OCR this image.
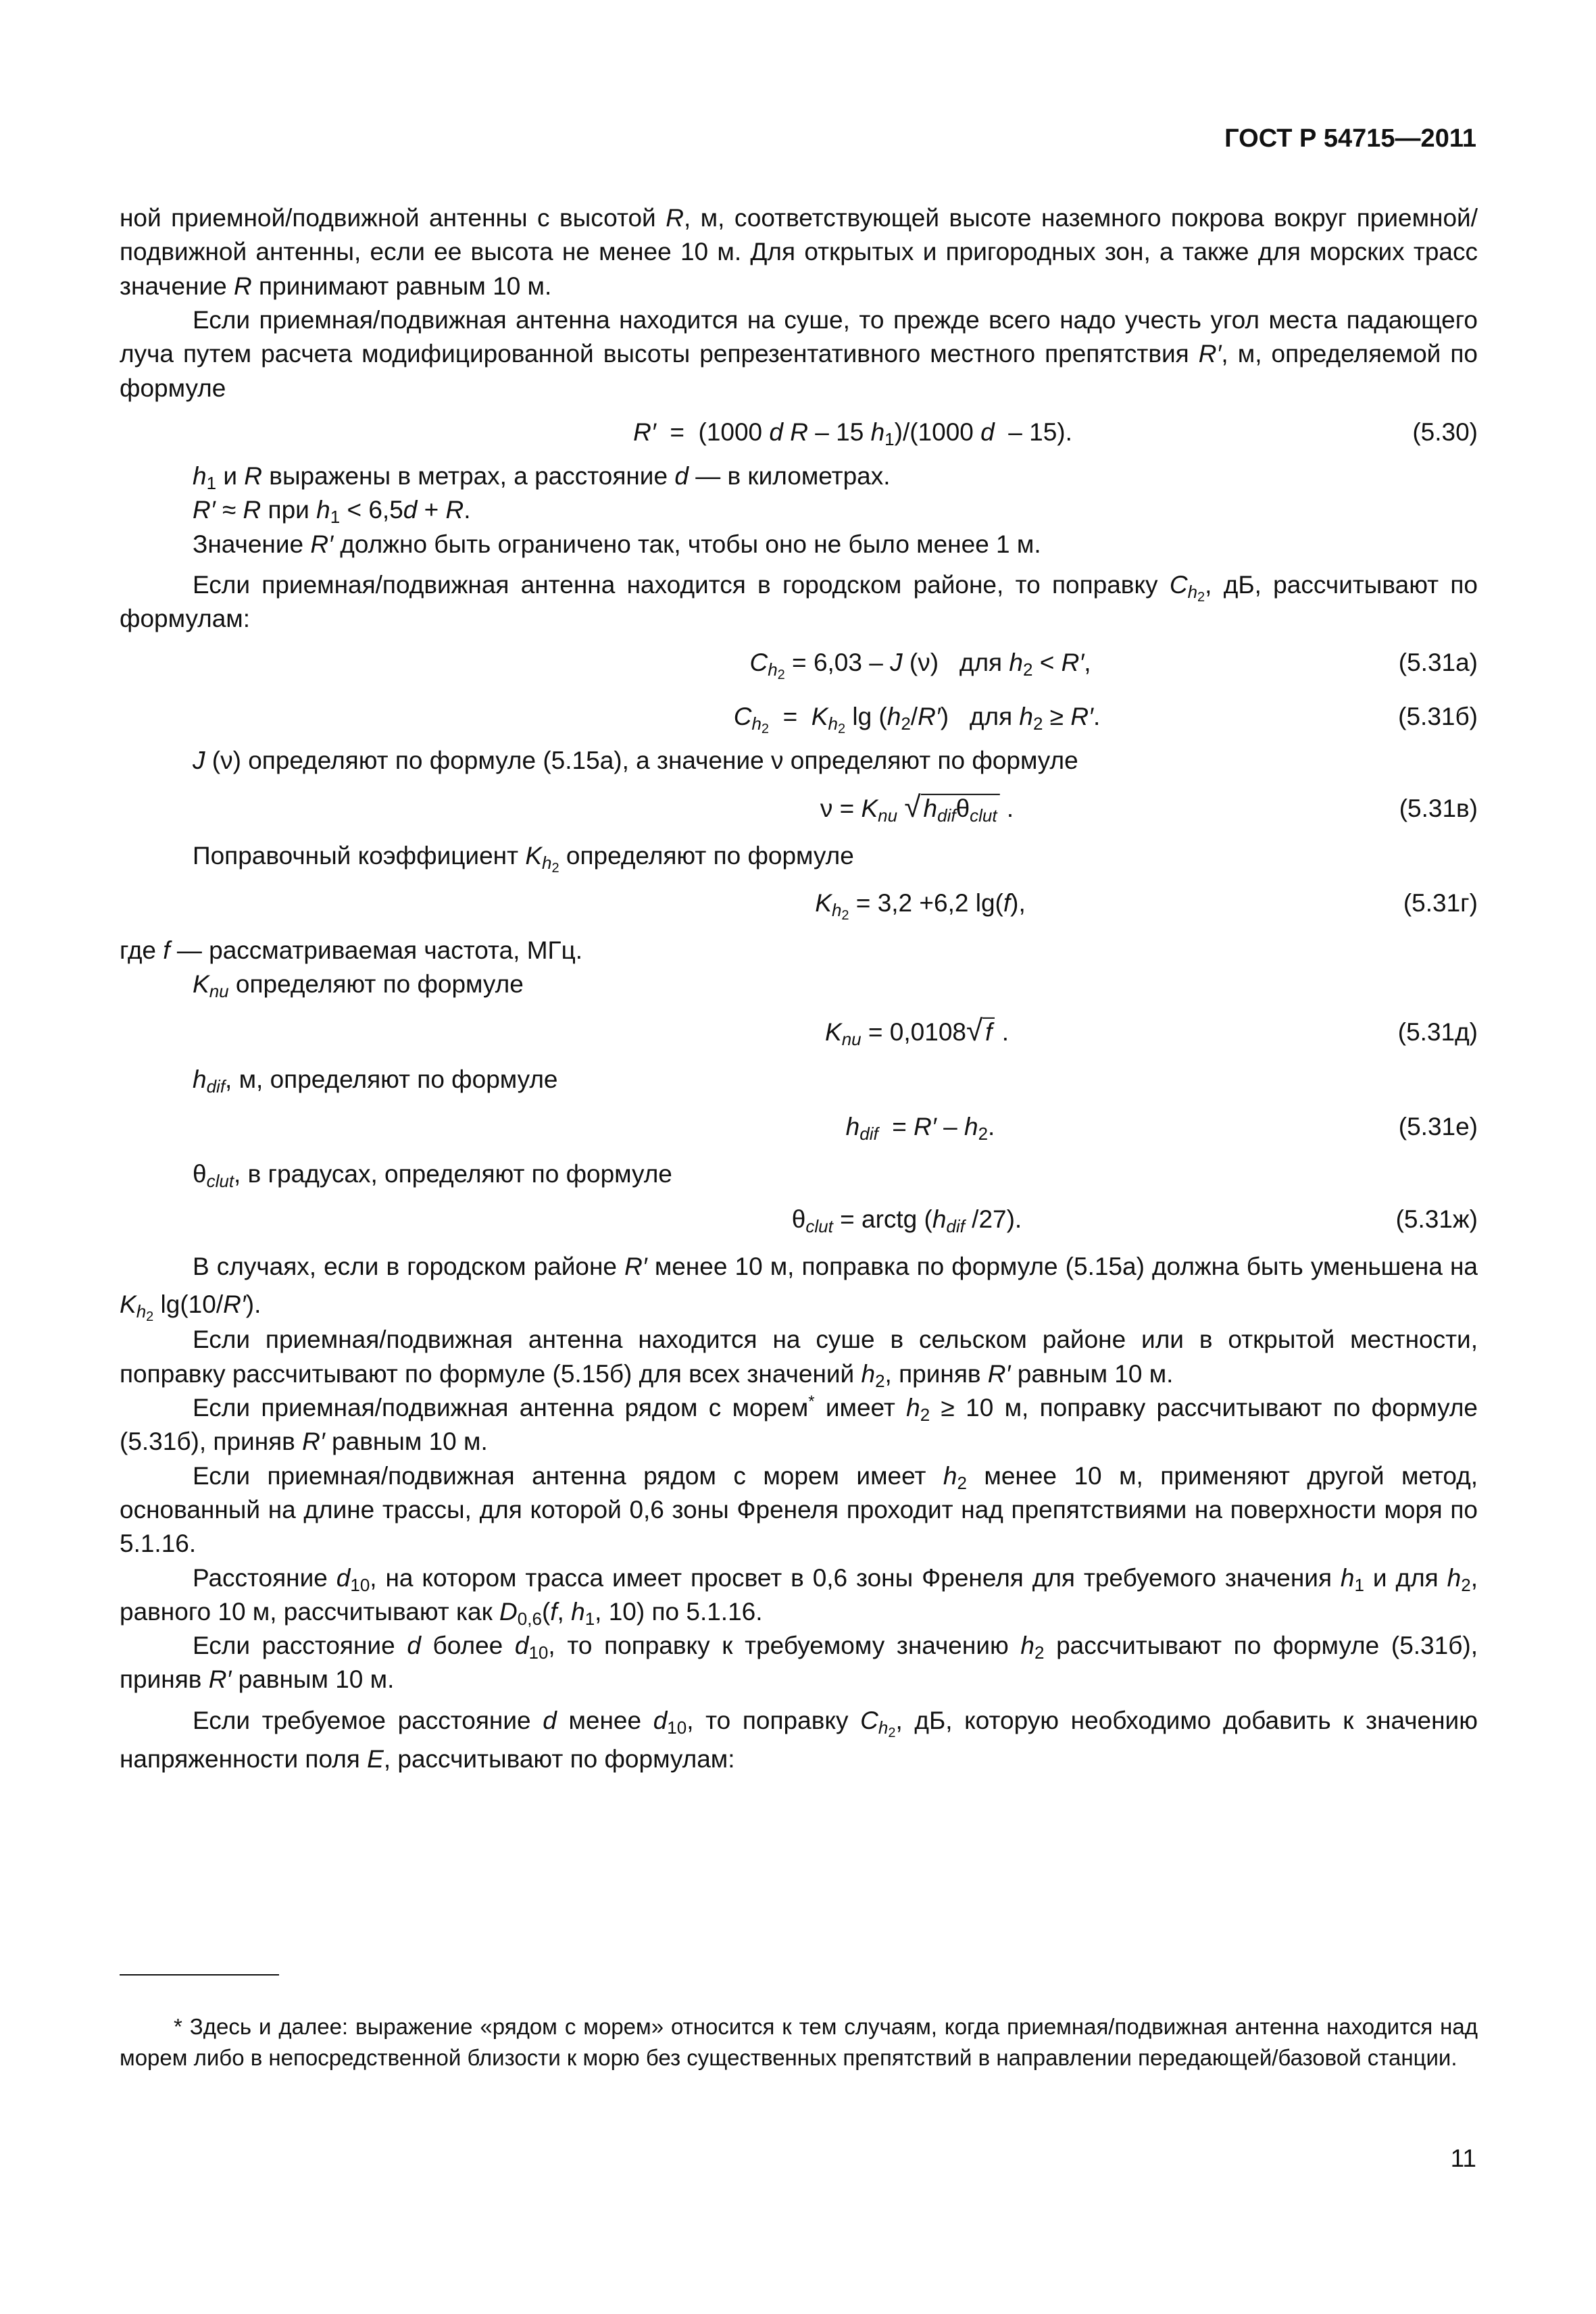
ГОСТ Р 54715—2011

ной приемной/подвижной антенны с высотой R, м, соответствующей высоте наземного покрова вокруг приемной/подвижной антенны, если ее высота не менее 10 м. Для открытых и пригородных зон, а также для морских трасс значение R принимают равным 10 м.

Если приемная/подвижная антенна находится на суше, то прежде всего надо учесть угол места падающего луча путем расчета модифицированной высоты репрезентативного местного препятствия R′, м, определяемой по формуле

R′  =  (1000 d R – 15 $h_1)/(1000$ d  – 15).	(5.30)

$h_1$ и R выражены в метрах, а расстояние d — в километрах.

R′ ≈ R при $h_1 < 6,5d + R$.

Значение R′ должно быть ограничено так, чтобы оно не было менее 1 м.

Если приемная/подвижная антенна находится в городском районе, то поправку $C_{h_2}$, дБ, рассчитывают по формулам:

$C_{h_2} = 6,03 - J$ (ν)   для $h_2 < R'$,	(5.31а)
$C_{h_2} = K_{h_2}$ $\lg (h_2/R')$   для $h_2 \ge R'$.	(5.31б)

J (ν) определяют по формуле (5.15а), а значение ν определяют по формуле

$\nu = K_{nu}$ √ $h_{dif}\theta_{clut}$ .	(5.31в)

Поправочный коэффициент $K_{h_2}$ определяют по формуле

$K_{h_2} = 3,2 +6,2$ lg(f),	(5.31г)

где f — рассматриваемая частота, МГц.

$K_{nu}$ определяют по формуле

$K_{nu} = 0,0108√$ f .	(5.31д)

$h_{dif}$, м, определяют по формуле

$h_{dif} = R' - h_2$.	(5.31е)

$\theta_{clut}$, в градусах, определяют по формуле

$\theta_{clut}$ = arctg ($h_{dif}$ /27).	(5.31ж)

В случаях, если в городском районе R′ менее 10 м, поправка по формуле (5.15а) должна быть уменьшена на $K_{h_2}$ lg(10/R′).

Если приемная/подвижная антенна находится на суше в сельском районе или в открытой местности, поправку рассчитывают по формуле (5.15б) для всех значений $h_2$, приняв R′ равным 10 м.

Если приемная/подвижная антенна рядом с морем* имеет $h_2 \ge 10$ м, поправку рассчитывают по формуле (5.31б), приняв R′ равным 10 м.

Если приемная/подвижная антенна рядом с морем имеет $h_2$ менее 10 м, применяют другой метод, основанный на длине трассы, для которой 0,6 зоны Френеля проходит над препятствиями на поверхности моря по 5.1.16.

Расстояние $d_{10}$, на котором трасса имеет просвет в 0,6 зоны Френеля для требуемого значения $h_1$ и для $h_2$, равного 10 м, рассчитывают как $D_{0,6}(f$, $h_1$, 10) по 5.1.16.

Если расстояние d более $d_{10}$, то поправку к требуемому значению $h_2$ рассчитывают по формуле (5.31б), приняв R′ равным 10 м.

Если требуемое расстояние d менее $d_{10}$, то поправку $C_{h_2}$, дБ, которую необходимо добавить к значению напряженности поля E, рассчитывают по формулам:

* Здесь и далее: выражение «рядом с морем» относится к тем случаям, когда приемная/подвижная антенна находится над морем либо в непосредственной близости к морю без существенных препятствий в направлении передающей/базовой станции.

11
